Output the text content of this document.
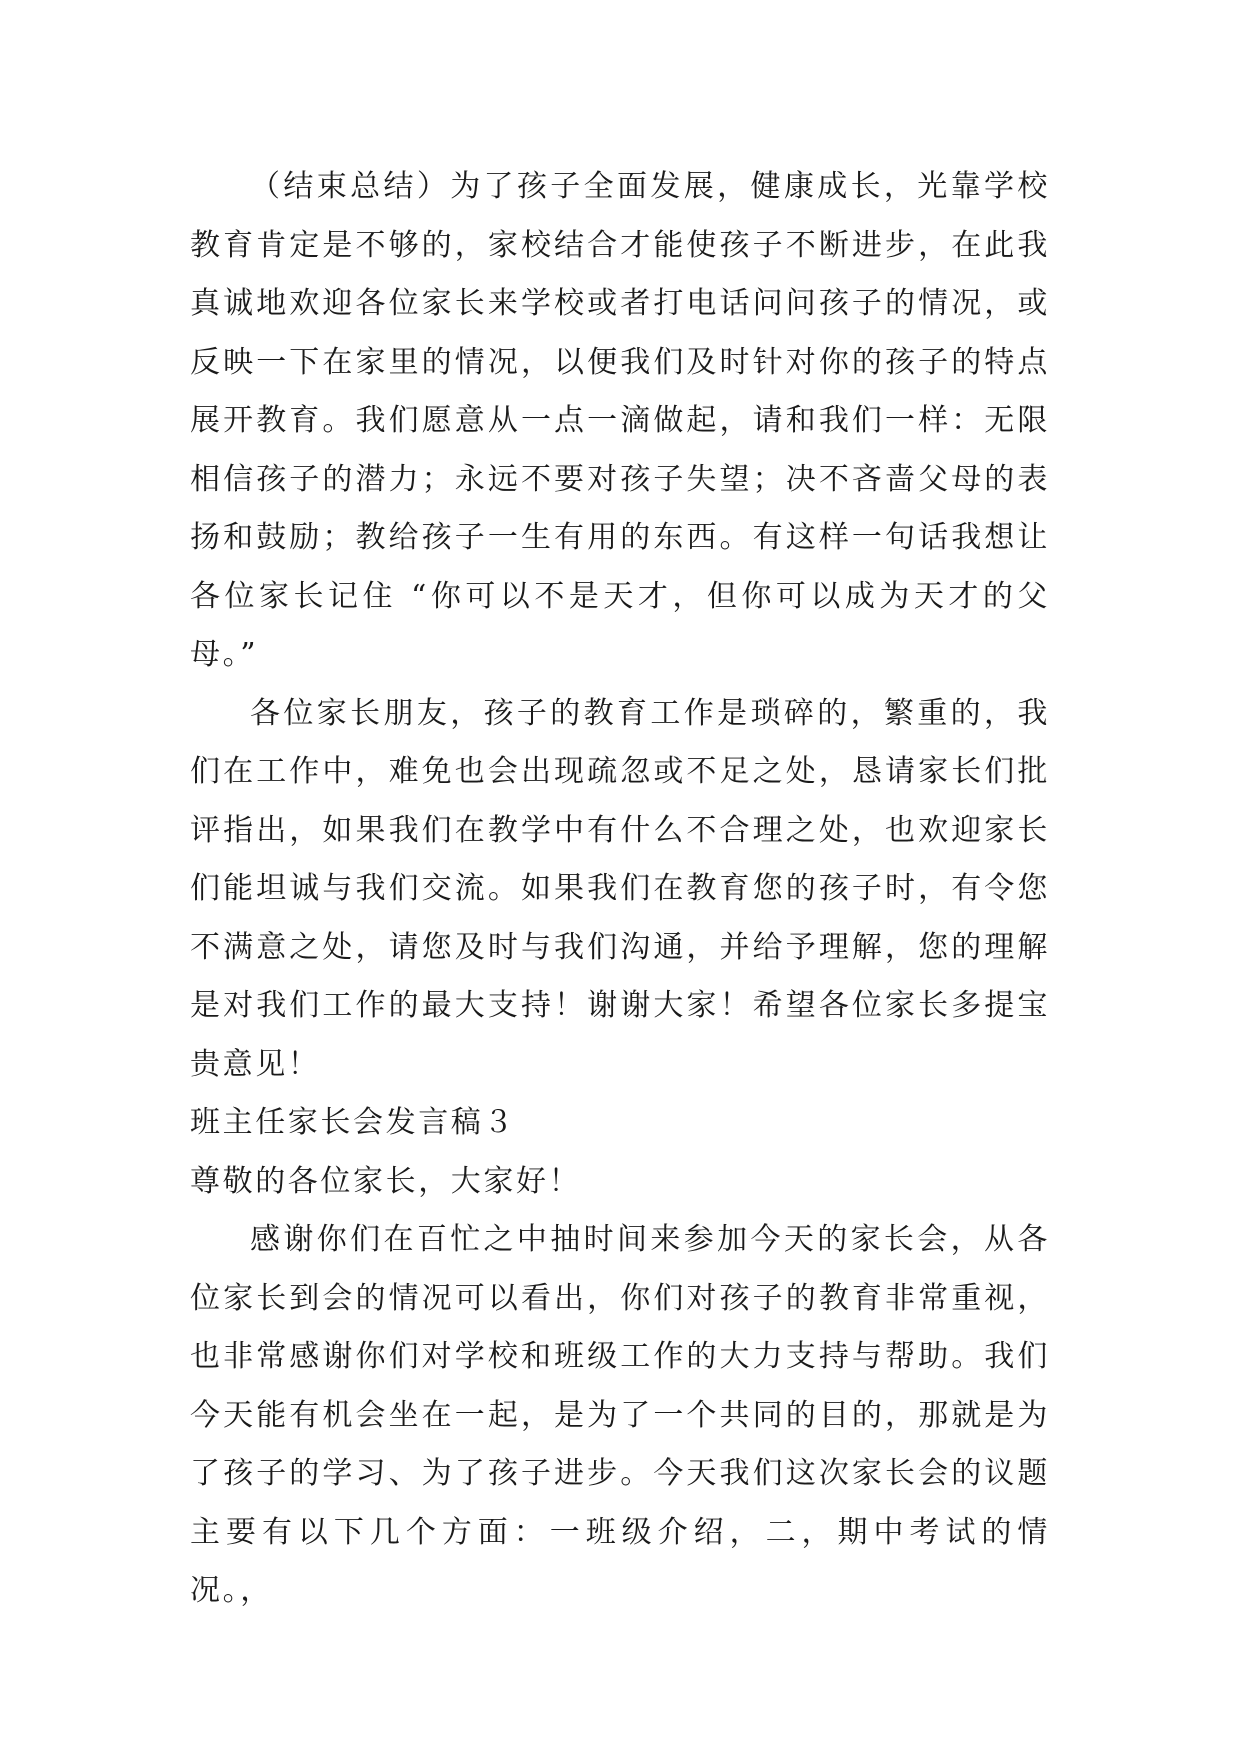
（结束总结）为了孩子全面发展，健康成长，光靠学校教育肯定是不够的，家校结合才能使孩子不断进步，在此我真诚地欢迎各位家长来学校或者打电话问问孩子的情况，或反映一下在家里的情况，以便我们及时针对你的孩子的特点展开教育。我们愿意从一点一滴做起，请和我们一样：无限相信孩子的潜力；永远不要对孩子失望；决不吝啬父母的表扬和鼓励；教给孩子一生有用的东西。有这样一句话我想让各位家长记住 “你可以不是天才，但你可以成为天才的父母。”

各位家长朋友，孩子的教育工作是琐碎的，繁重的，我们在工作中，难免也会出现疏忽或不足之处，恳请家长们批评指出，如果我们在教学中有什么不合理之处，也欢迎家长们能坦诚与我们交流。如果我们在教育您的孩子时，有令您不满意之处，请您及时与我们沟通，并给予理解，您的理解是对我们工作的最大支持！谢谢大家！希望各位家长多提宝贵意见！

班主任家长会发言稿３

尊敬的各位家长，大家好！

感谢你们在百忙之中抽时间来参加今天的家长会，从各位家长到会的情况可以看出，你们对孩子的教育非常重视，也非常感谢你们对学校和班级工作的大力支持与帮助。我们今天能有机会坐在一起，是为了一个共同的目的，那就是为了孩子的学习、为了孩子进步。今天我们这次家长会的议题主要有以下几个方面：一班级介绍，二，期中考试的情况。，
